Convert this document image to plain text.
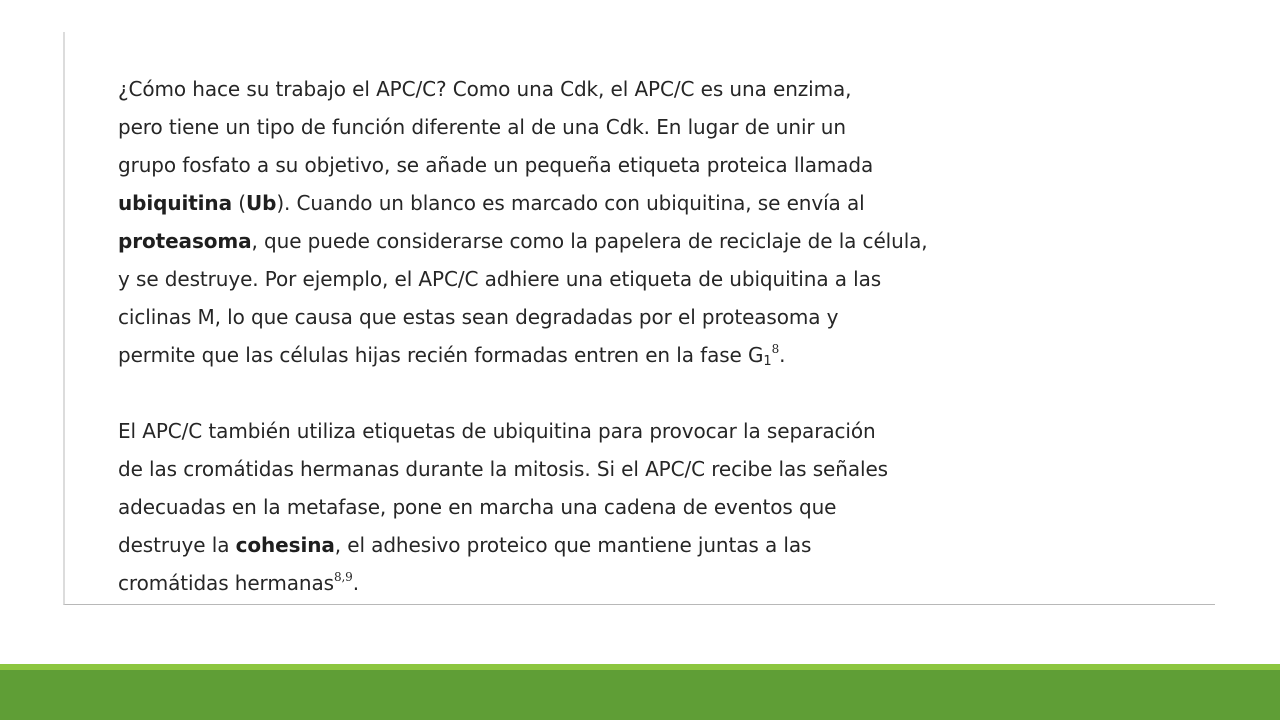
¿Cómo hace su trabajo el APC/C? Como una Cdk, el APC/C es una enzima,
pero tiene un tipo de función diferente al de una Cdk. En lugar de unir un
grupo fosfato a su objetivo, se añade un pequeña etiqueta proteica llamada
ubiquitina (Ub). Cuando un blanco es marcado con ubiquitina, se envía al
proteasoma, que puede considerarse como la papelera de reciclaje de la célula,
y se destruye. Por ejemplo, el APC/C adhiere una etiqueta de ubiquitina a las
ciclinas M, lo que causa que estas sean degradadas por el proteasoma y
permite que las células hijas recién formadas entren en la fase $G_1^8$.
El APC/C también utiliza etiquetas de ubiquitina para provocar la separación
de las cromátidas hermanas durante la mitosis. Si el APC/C recibe las señales
adecuadas en la metafase, pone en marcha una cadena de eventos que
destruye la cohesina, el adhesivo proteico que mantiene juntas a las
cromátidas hermanas$^{8,9}$.
